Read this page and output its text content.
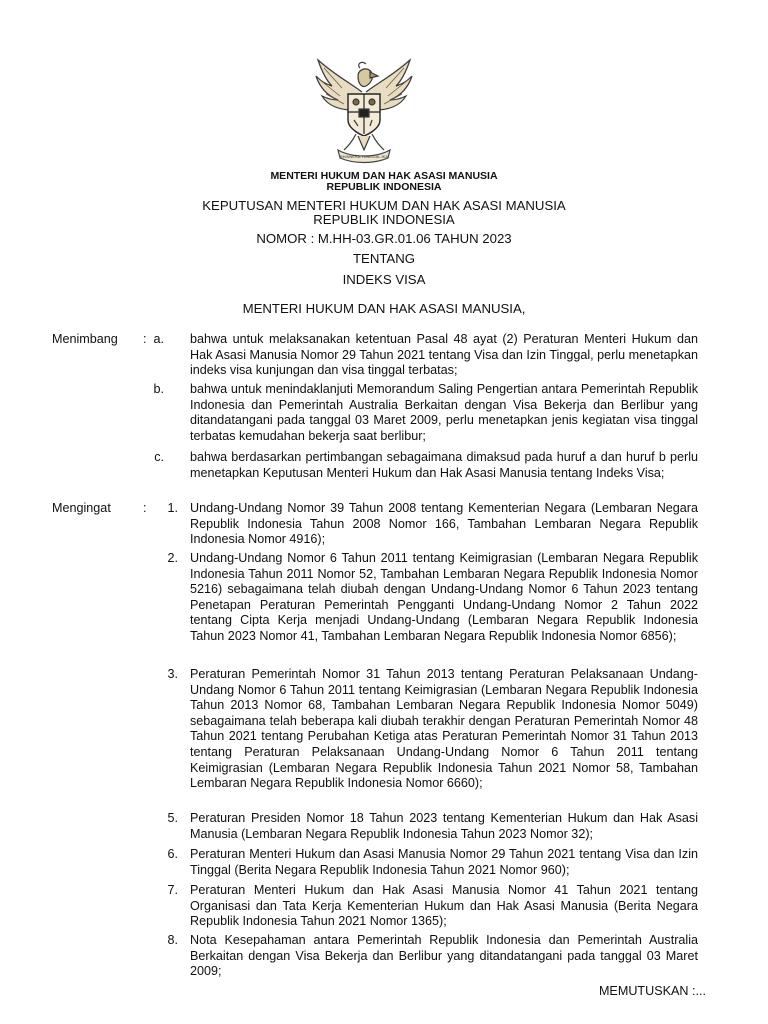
BHINNEKA TUNGGAL IKA
MENTERI HUKUM DAN HAK ASASI MANUSIA
REPUBLIK INDONESIA
KEPUTUSAN MENTERI HUKUM DAN HAK ASASI MANUSIA
REPUBLIK INDONESIA
NOMOR : M.HH-03.GR.01.06 TAHUN 2023
TENTANG
INDEKS VISA
MENTERI HUKUM DAN HAK ASASI MANUSIA,
Menimbang : a. bahwa untuk melaksanakan ketentuan Pasal 48 ayat (2) Peraturan Menteri Hukum dan Hak Asasi Manusia Nomor 29 Tahun 2021 tentang Visa dan Izin Tinggal, perlu menetapkan indeks visa kunjungan dan visa tinggal terbatas;

b. bahwa untuk menindaklanjuti Memorandum Saling Pengertian antara Pemerintah Republik Indonesia dan Pemerintah Australia Berkaitan dengan Visa Bekerja dan Berlibur yang ditandatangani pada tanggal 03 Maret 2009, perlu menetapkan jenis kegiatan visa tinggal terbatas kemudahan bekerja saat berlibur;

c. bahwa berdasarkan pertimbangan sebagaimana dimaksud pada huruf a dan huruf b perlu menetapkan Keputusan Menteri Hukum dan Hak Asasi Manusia tentang Indeks Visa;

Mengingat	:	1. Undang-Undang Nomor 39 Tahun 2008 tentang Kementerian Negara (Lembaran Negara Republik Indonesia Tahun 2008 Nomor 166, Tambahan Lembaran Negara Republik Indonesia Nomor 4916);

2. Undang-Undang Nomor 6 Tahun 2011 tentang Keimigrasian (Lembaran Negara Republik Indonesia Tahun 2011 Nomor 52, Tambahan Lembaran Negara Republik Indonesia Nomor 5216) sebagaimana telah diubah dengan Undang-Undang Nomor 6 Tahun 2023 tentang Penetapan Peraturan Pemerintah Pengganti Undang-Undang Nomor 2 Tahun 2022 tentang Cipta Kerja menjadi Undang-Undang (Lembaran Negara Republik Indonesia Tahun 2023 Nomor 41, Tambahan Lembaran Negara Republik Indonesia Nomor 6856);

3. Peraturan Pemerintah Nomor 31 Tahun 2013 tentang Peraturan Pelaksanaan Undang-Undang Nomor 6 Tahun 2011 tentang Keimigrasian (Lembaran Negara Republik Indonesia Tahun 2013 Nomor 68, Tambahan Lembaran Negara Republik Indonesia Nomor 5049) sebagaimana telah beberapa kali diubah terakhir dengan Peraturan Pemerintah Nomor 48 Tahun 2021 tentang Perubahan Ketiga atas Peraturan Pemerintah Nomor 31 Tahun 2013 tentang Peraturan Pelaksanaan Undang-Undang Nomor 6 Tahun 2011 tentang Keimigrasian (Lembaran Negara Republik Indonesia Tahun 2021 Nomor 58, Tambahan Lembaran Negara Republik Indonesia Nomor 6660);

5. Peraturan Presiden Nomor 18 Tahun 2023 tentang Kementerian Hukum dan Hak Asasi Manusia (Lembaran Negara Republik Indonesia Tahun 2023 Nomor 32);

6. Peraturan Menteri Hukum dan Asasi Manusia Nomor 29 Tahun 2021 tentang Visa dan Izin Tinggal (Berita Negara Republik Indonesia Tahun 2021 Nomor 960);

7. Peraturan Menteri Hukum dan Hak Asasi Manusia Nomor 41 Tahun 2021 tentang Organisasi dan Tata Kerja Kementerian Hukum dan Hak Asasi Manusia (Berita Negara Republik Indonesia Tahun 2021 Nomor 1365);

8. Nota Kesepahaman antara Pemerintah Republik Indonesia dan Pemerintah Australia Berkaitan dengan Visa Bekerja dan Berlibur yang ditandatangani pada tanggal 03 Maret 2009;

MEMUTUSKAN :...
